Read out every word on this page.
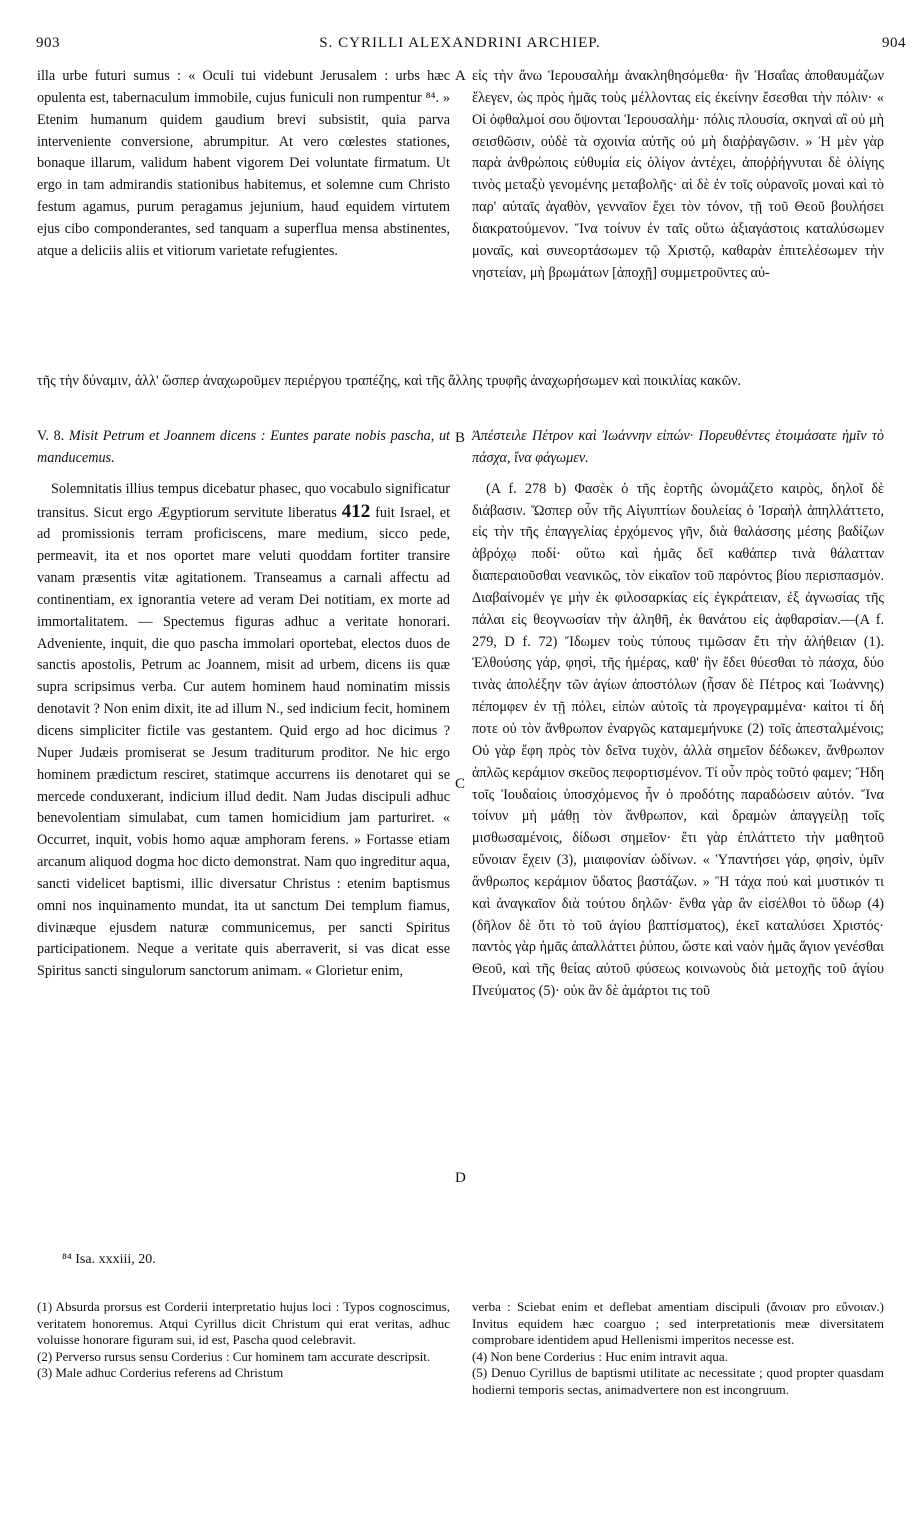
903	S. CYRILLI ALEXANDRINI ARCHIEP.	904

illa urbe futuri sumus : « Oculi tui videbunt Jerusalem : urbs hæc opulenta est, tabernaculum immobile, cujus funiculi non rumpentur ⁸⁴. » Etenim humanum quidem gaudium brevi subsistit, quia parva interveniente conversione, abrumpitur. At vero cœlestes stationes, bonaque illarum, validum habent vigorem Dei voluntate firmatum. Ut ergo in tam admirandis stationibus habitemus, et solemne cum Christo festum agamus, purum peragamus jejunium, haud equidem virtutem ejus cibo componderantes, sed tanquam a superflua mensa abstinentes, atque a deliciis aliis et vitiorum varietate refugientes.

A εἰς τὴν ἄνω Ἱερουσαλὴμ ἀνακληθησόμεθα· ἣν Ἡσαΐας ἀποθαυμάζων ἔλεγεν, ὡς πρὸς ἡμᾶς τοὺς μέλλοντας εἰς ἐκείνην ἔσεσθαι τὴν πόλιν· « Οἱ ὀφθαλμοί σου ὄψονται Ἱερουσαλὴμ· πόλις πλουσία, σκηναὶ αἳ οὐ μὴ σεισθῶσιν, οὐδὲ τὰ σχοινία αὐτῆς οὐ μὴ διαῤῥαγῶσιν. » Ἡ μὲν γὰρ παρὰ ἀνθρώποις εὐθυμία εἰς ὀλίγον ἀντέχει, ἀποῤῥήγνυται δὲ ὀλίγης τινὸς μεταξὺ γενομένης μεταβολῆς· αἱ δὲ ἐν τοῖς οὐρανοῖς μοναὶ καὶ τὸ παρ' αὐταῖς ἀγαθὸν, γενναῖον ἔχει τὸν τόνον, τῇ τοῦ Θεοῦ βουλήσει διακρατούμενον. Ἵνα τοίνυν ἐν ταῖς οὕτω ἀξιαγάστοις καταλύσωμεν μοναῖς, καὶ συνεορτάσωμεν τῷ Χριστῷ, καθαρὰν ἐπιτελέσωμεν τὴν νηστείαν, μὴ βρωμάτων [ἀποχῇ] συμμετροῦντες αὐ-

τῆς τὴν δύναμιν, ἀλλ' ὥσπερ ἀναχωροῦμεν περιέργου τραπέζης, καὶ τῆς ἄλλης τρυφῆς ἀναχωρήσωμεν καὶ ποικιλίας κακῶν.

V. 8. Misit Petrum et Joannem dicens : Euntes parate nobis pascha, ut manducemus.

Solemnitatis illius tempus dicebatur phasec, quo vocabulo significatur transitus. Sicut ergo Ægyptiorum servitute liberatus 412 fuit Israel, et ad promissionis terram proficiscens, mare medium, sicco pede, permeavit, ita et nos oportet mare veluti quoddam fortiter transire vanam præsentis vitæ agitationem. Transeamus a carnali affectu ad continentiam, ex ignorantia vetere ad veram Dei notitiam, ex morte ad immortalitatem. — Spectemus figuras adhuc a veritate honorari. Adveniente, inquit, die quo pascha immolari oportebat, electos duos de sanctis apostolis, Petrum ac Joannem, misit ad urbem, dicens iis quæ supra scripsimus verba. Cur autem hominem haud nominatim missis denotavit ? Non enim dixit, ite ad illum N., sed indicium fecit, hominem dicens simpliciter fictile vas gestantem. Quid ergo ad hoc dicimus ? Nuper Judæis promiserat se Jesum traditurum proditor. Ne hic ergo hominem prædictum resciret, statimque accurrens iis denotaret qui se mercede conduxerant, indicium illud dedit. Nam Judas discipuli adhuc benevolentiam simulabat, cum tamen homicidium jam parturiret. « Occurret, inquit, vobis homo aquæ amphoram ferens. » Fortasse etiam arcanum aliquod dogma hoc dicto demonstrat. Nam quo ingreditur aqua, sancti videlicet baptismi, illic diversatur Christus : etenim baptismus omni nos inquinamento mundat, ita ut sanctum Dei templum fiamus, divinæque ejusdem naturæ communicemus, per sancti Spiritus participationem. Neque a veritate quis aberraverit, si vas dicat esse Spiritus sancti singulorum sanctorum animam. « Glorietur enim,

B
C
D

Ἀπέστειλε Πέτρον καὶ Ἰωάννην εἰπών· Πορευθέντες ἑτοιμάσατε ἡμῖν τὸ πάσχα, ἵνα φάγωμεν.

(A f. 278 b) Φασὲκ ὁ τῆς ἑορτῆς ὠνομάζετο καιρὸς, δηλοῖ δὲ διάβασιν. Ὥσπερ οὖν τῆς Αἰγυπτίων δουλείας ὁ Ἰσραὴλ ἀπηλλάττετο, εἰς τὴν τῆς ἐπαγγελίας ἐρχόμενος γῆν, διὰ θαλάσσης μέσης βαδίζων ἀβρόχῳ ποδί· οὕτω καὶ ἡμᾶς δεῖ καθάπερ τινὰ θάλατταν διαπεραιοῦσθαι νεανικῶς, τὸν εἰκαῖον τοῦ παρόντος βίου περισπασμόν. Διαβαίνομέν γε μὴν ἐκ φιλοσαρκίας εἰς ἐγκράτειαν, ἐξ ἀγνωσίας τῆς πάλαι εἰς θεογνωσίαν τὴν ἀληθῆ, ἐκ θανάτου εἰς ἀφθαρσίαν.—(A f. 279, D f. 72) Ἴδωμεν τοὺς τύπους τιμῶσαν ἔτι τὴν ἀλήθειαν (1). Ἐλθούσης γάρ, φησὶ, τῆς ἡμέρας, καθ' ἣν ἔδει θύεσθαι τὸ πάσχα, δύο τινὰς ἀπολέξην τῶν ἁγίων ἀποστόλων (ἦσαν δὲ Πέτρος καὶ Ἰωάννης) πέπομφεν ἐν τῇ πόλει, εἰπὼν αὐτοῖς τὰ προγεγραμμένα· καίτοι τί δή ποτε οὐ τὸν ἄνθρωπον ἐναργῶς καταμεμήνυκε (2) τοῖς ἀπεσταλμένοις; Οὐ γὰρ ἔφη πρὸς τὸν δεῖνα τυχὸν, ἀλλὰ σημεῖον δέδωκεν, ἄνθρωπον ἁπλῶς κεράμιον σκεῦος πεφορτισμένον. Τί οὖν πρὸς τοῦτό φαμεν; Ἤδη τοῖς Ἰουδαίοις ὑποσχόμενος ἦν ὁ προδότης παραδώσειν αὐτόν. Ἵνα τοίνυν μὴ μάθῃ τὸν ἄνθρωπον, καὶ δραμὼν ἀπαγγείλῃ τοῖς μισθωσαμένοις, δίδωσι σημεῖον· ἔτι γὰρ ἐπλάττετο τὴν μαθητοῦ εὔνοιαν ἔχειν (3), μιαιφονίαν ὠδίνων. « Ὑπαντήσει γάρ, φησὶν, ὑμῖν ἄνθρωπος κεράμιον ὕδατος βαστάζων. » Ἢ τάχα πού καὶ μυστικόν τι καὶ ἀναγκαῖον διὰ τούτου δηλῶν· ἔνθα γὰρ ἂν εἰσέλθοι τὸ ὕδωρ (4) (δῆλον δὲ ὅτι τὸ τοῦ ἁγίου βαπτίσματος), ἐκεῖ καταλύσει Χριστός· παντὸς γὰρ ἡμᾶς ἀπαλλάττει ῥύπου, ὥστε καὶ ναὸν ἡμᾶς ἅγιον γενέσθαι Θεοῦ, καὶ τῆς θείας αὐτοῦ φύσεως κοινωνοὺς διὰ μετοχῆς τοῦ ἁγίου Πνεύματος (5)· οὐκ ἂν δὲ ἁμάρτοι τις τοῦ

⁸⁴ Isa. xxxiii, 20.

(1) Absurda prorsus est Corderii interpretatio hujus loci : Typos cognoscimus, veritatem honoremus. Atqui Cyrillus dicit Christum qui erat veritas, adhuc voluisse honorare figuram sui, id est, Pascha quod celebravit.

(2) Perverso rursus sensu Corderius : Cur hominem tam accurate descripsit.

(3) Male adhuc Corderius referens ad Christum

verba : Sciebat enim et deflebat amentiam discipuli (ἄνοιαν pro εὔνοιαν.) Invitus equidem hæc coarguo ; sed interpretationis meæ diversitatem comprobare identidem apud Hellenismi imperitos necesse est.

(4) Non bene Corderius : Huc enim intravit aqua.

(5) Denuo Cyrillus de baptismi utilitate ac necessitate ; quod propter quasdam hodierni temporis sectas, animadvertere non est incongruum.
